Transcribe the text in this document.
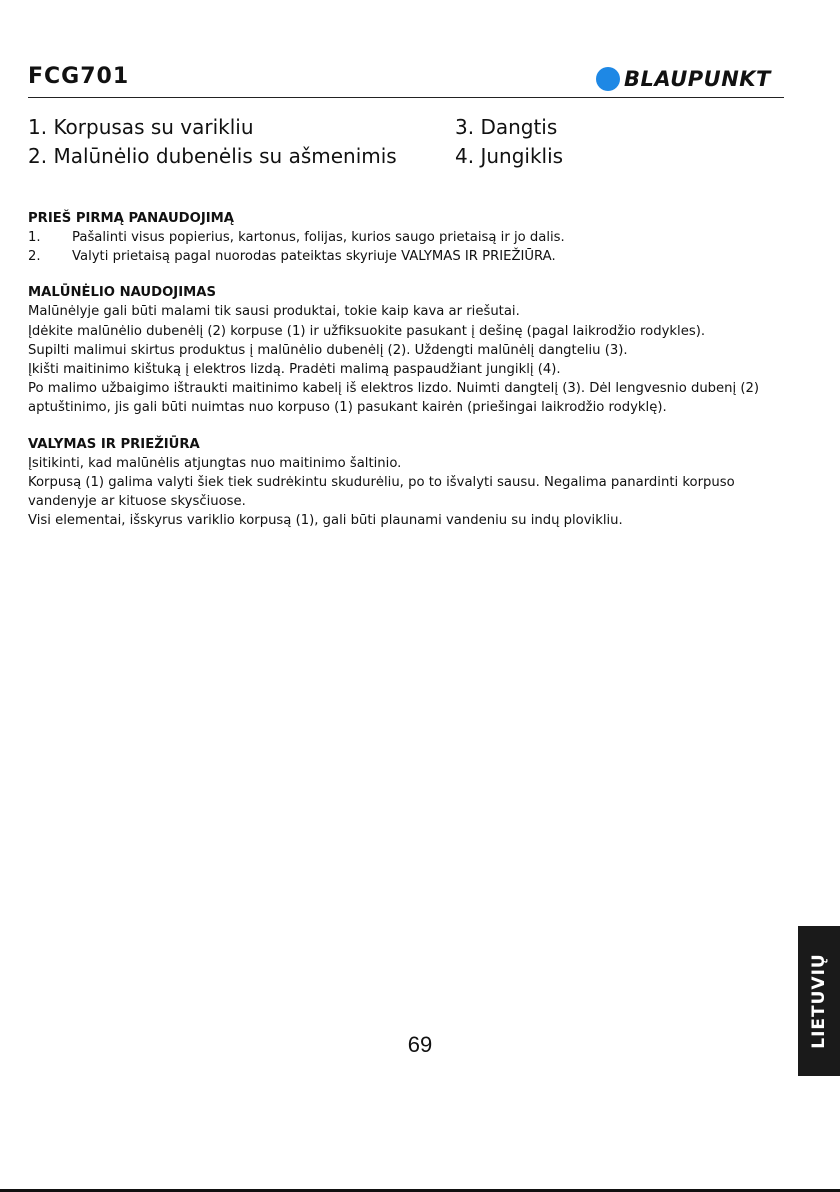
FCG701	BLAUPUNKT
1. Korpusas su varikliu	3. Dangtis
2. Malūnėlio dubenėlis su ašmenimis	4. Jungiklis
PRIEŠ PIRMĄ PANAUDOJIMĄ
1.	Pašalinti visus popierius, kartonus, folijas, kurios saugo prietaisą ir jo dalis.
2.	Valyti prietaisą pagal nuorodas pateiktas skyriuje VALYMAS IR PRIEŽIŪRA.
MALŪNĖLIO NAUDOJIMAS

Malūnėlyje gali būti malami tik sausi produktai, tokie kaip kava ar riešutai.

Įdėkite malūnėlio dubenėlį (2) korpuse (1) ir užfiksuokite pasukant į dešinę (pagal laikrodžio rodykles).

Supilti malimui skirtus produktus į malūnėlio dubenėlį (2). Uždengti malūnėlį dangteliu (3).

Įkišti maitinimo kištuką į elektros lizdą. Pradėti malimą paspaudžiant jungiklį (4).

Po malimo užbaigimo ištraukti maitinimo kabelį iš elektros lizdo. Nuimti dangtelį (3). Dėl lengvesnio dubenį (2) aptuštinimo, jis gali būti nuimtas nuo korpuso (1) pasukant kairėn (priešingai laikrodžio rodyklę).

VALYMAS IR PRIEŽIŪRA

Įsitikinti, kad malūnėlis atjungtas nuo maitinimo šaltinio.

Korpusą (1) galima valyti šiek tiek sudrėkintu skudurėliu, po to išvalyti sausu. Negalima panardinti korpuso vandenyje ar kituose skysčiuose.

Visi elementai, išskyrus variklio korpusą (1), gali būti plaunami vandeniu su indų plovikliu.

69	LIETUVIŲ
